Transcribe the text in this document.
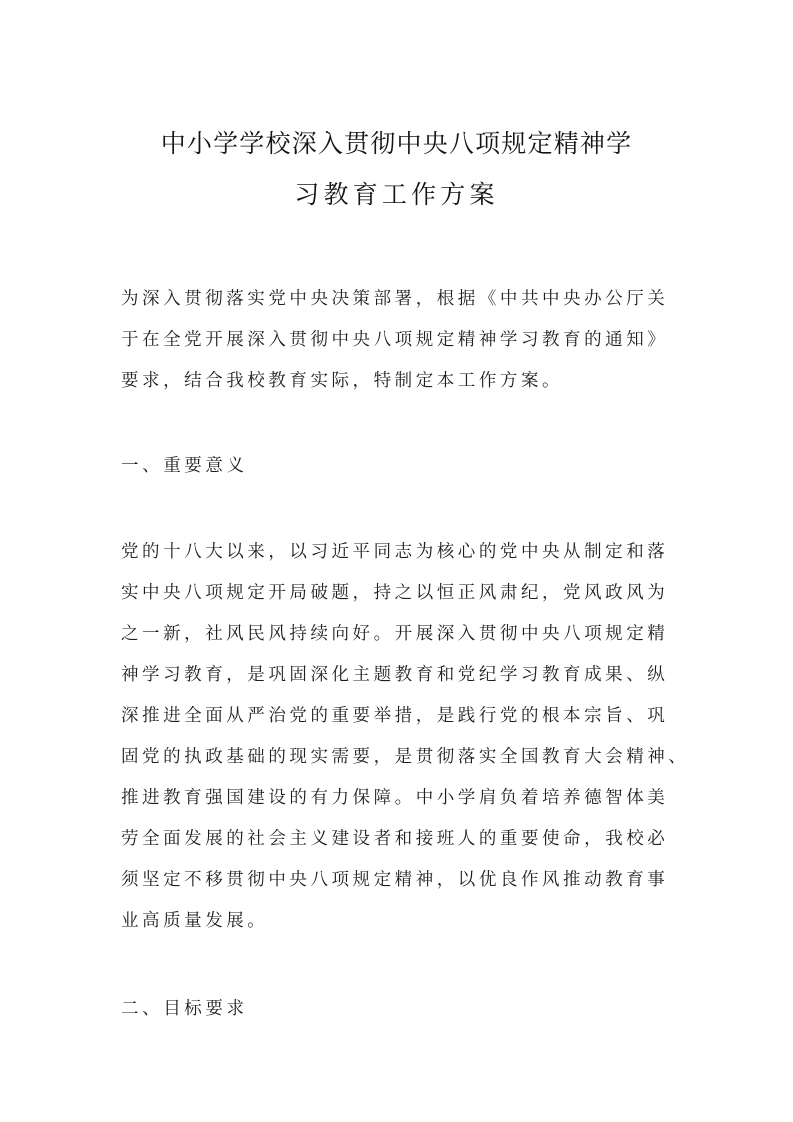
中小学学校深入贯彻中央八项规定精神学
习教育工作方案
为深入贯彻落实党中央决策部署，根据《中共中央办公厅关
于在全党开展深入贯彻中央八项规定精神学习教育的通知》
要求，结合我校教育实际，特制定本工作方案。
一、重要意义
党的十八大以来，以习近平同志为核心的党中央从制定和落
实中央八项规定开局破题，持之以恒正风肃纪，党风政风为
之一新，社风民风持续向好。开展深入贯彻中央八项规定精
神学习教育，是巩固深化主题教育和党纪学习教育成果、纵
深推进全面从严治党的重要举措，是践行党的根本宗旨、巩
固党的执政基础的现实需要，是贯彻落实全国教育大会精神、
推进教育强国建设的有力保障。中小学肩负着培养德智体美
劳全面发展的社会主义建设者和接班人的重要使命，我校必
须坚定不移贯彻中央八项规定精神，以优良作风推动教育事
业高质量发展。
二、目标要求
